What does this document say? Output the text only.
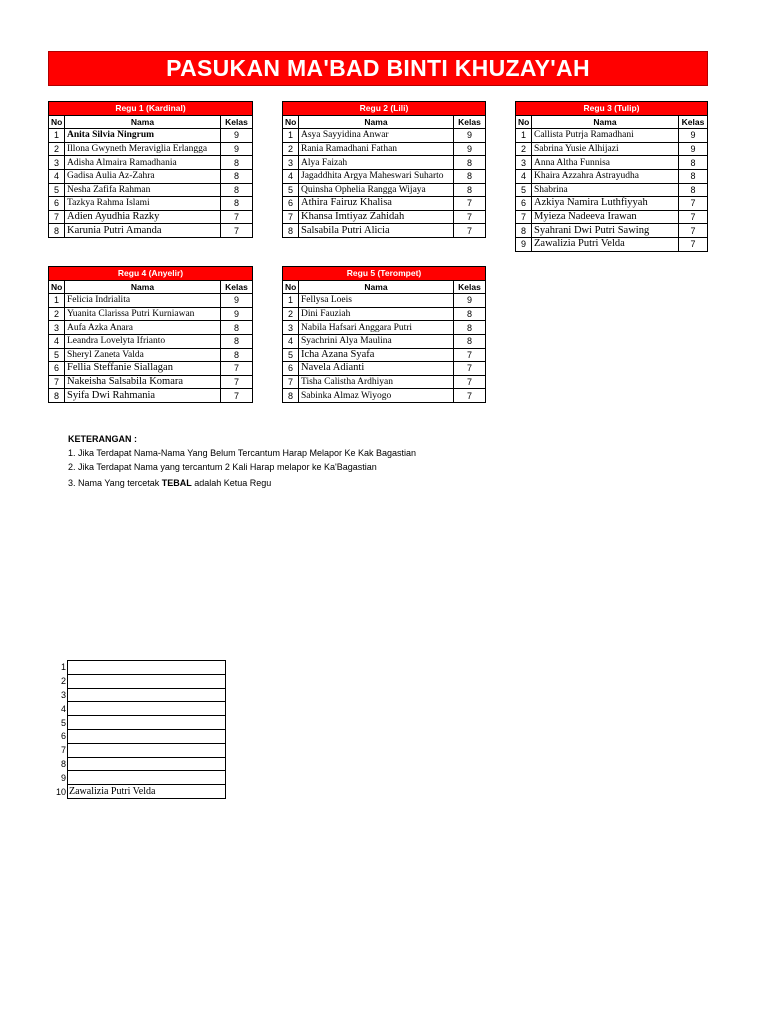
PASUKAN MA'BAD BINTI KHUZAY'AH
Regu 1 (Kardinal)		
No	Nama	Kelas
1	Anita Silvia Ningrum	9
2	Illona Gwyneth Meraviglia Erlangga	9
3	Adisha Almaira Ramadhania	8
4	Gadisa Aulia Az-Zahra	8
5	Nesha Zafifa Rahman	8
6	Tazkya Rahma Islami	8
7	Adien Ayudhia Razky	7
8	Karunia Putri Amanda	7
Regu 2 (Lili)		
No	Nama	Kelas
1	Asya Sayyidina Anwar	9
2	Rania Ramadhani Fathan	9
3	Alya Faizah	8
4	Jagaddhita Argya Maheswari Suharto	8
5	Quinsha Ophelia Rangga Wijaya	8
6	Athira Fairuz Khalisa	7
7	Khansa Imtiyaz Zahidah	7
8	Salsabila Putri Alicia	7
Regu 3 (Tulip)		
No	Nama	Kelas
1	Callista Putrja Ramadhani	9
2	Sabrina Yusie Alhijazi	9
3	Anna Altha Funnisa	8
4	Khaira Azzahra Astrayudha	8
5	Shabrina	8
6	Azkiya Namira Luthfiyyah	7
7	Myieza Nadeeva Irawan	7
8	Syahrani Dwi Putri Sawing	7
9	Zawalizia Putri Velda	7
Regu 4 (Anyelir)		
No	Nama	Kelas
1	Felicia Indrialita	9
2	Yuanita Clarissa Putri Kurniawan	9
3	Aufa Azka Anara	8
4	Leandra Lovelyta Ifrianto	8
5	Sheryl Zaneta Valda	8
6	Fellia Steffanie Siallagan	7
7	Nakeisha Salsabila Komara	7
8	Syifa Dwi Rahmania	7
Regu 5 (Terompet)		
No	Nama	Kelas
1	Fellysa Loeis	9
2	Dini Fauziah	8
3	Nabila Hafsari Anggara Putri	8
4	Syachrini Alya Maulina	8
5	Icha Azana Syafa	7
6	Navela Adianti	7
7	Tisha Calistha Ardhiyan	7
8	Sabinka Almaz Wiyogo	7
KETERANGAN :
1. Jika Terdapat Nama-Nama Yang Belum Tercantum Harap Melapor Ke Kak Bagastian
2. Jika Terdapat Nama yang tercantum 2 Kali Harap melapor ke Ka'Bagastian
3. Nama Yang tercetak TEBAL adalah Ketua Regu
1	
2	
3	
4	
5	
6	
7	
8	
9	
10	Zawalizia Putri Velda
